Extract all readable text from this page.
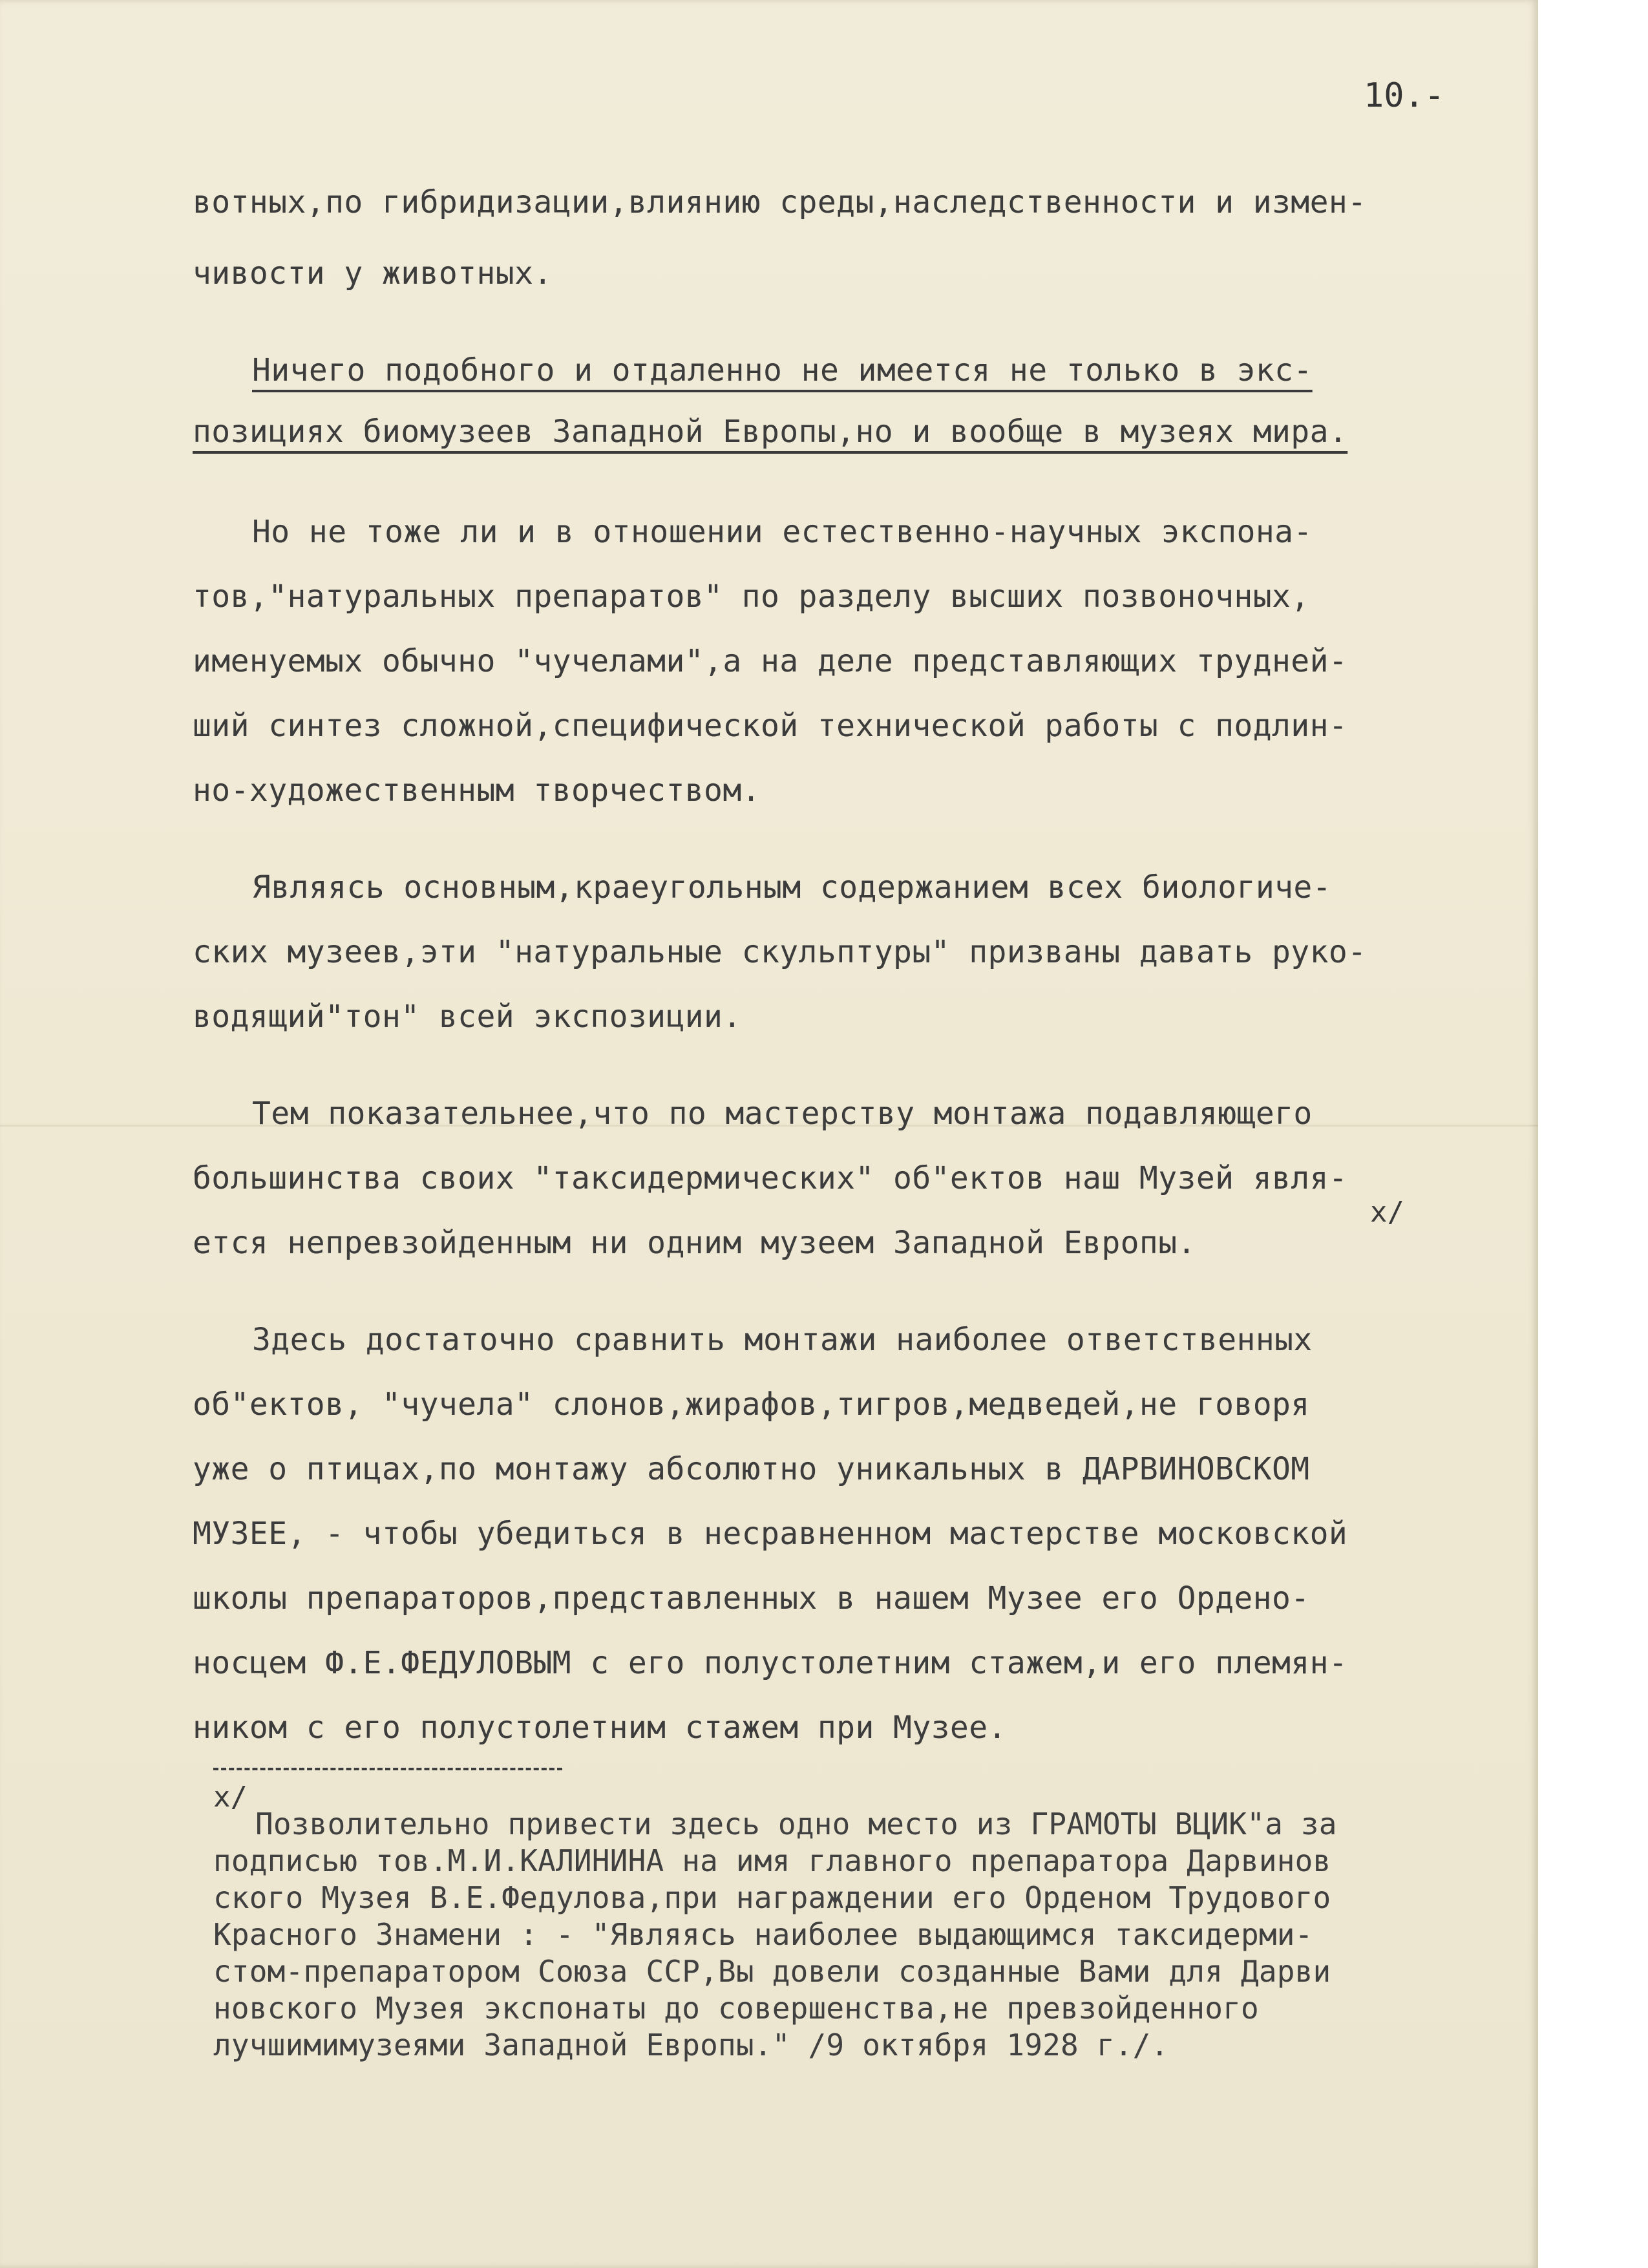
10.-
вотных,по гибридизации,влиянию среды,наследственности и измен-
чивости у животных.
Ничего подобного и отдаленно не имеется не только в экс-
позициях биомузеев Западной Европы,но и вообще в музеях мира.
Но не тоже ли и в отношении естественно-научных экспона-
тов,"натуральных препаратов" по разделу высших позвоночных,
именуемых обычно "чучелами",а на деле представляющих трудней-
ший синтез сложной,специфической технической работы с подлин-
но-художественным творчеством.
Являясь основным,краеугольным содержанием всех биологиче-
ских музеев,эти "натуральные скульптуры" призваны давать руко-
водящий"тон" всей экспозиции.
Тем показательнее,что по мастерству монтажа подавляющего
большинства своих "таксидермических" об"ектов наш Музей явля-
x/
ется непревзойденным ни одним музеем Западной Европы.
Здесь достаточно сравнить монтажи наиболее ответственных
об"ектов, "чучела" слонов,жирафов,тигров,медведей,не говоря
уже о птицах,по монтажу абсолютно уникальных в ДАРВИНОВСКОМ
МУЗЕЕ, - чтобы убедиться в несравненном мастерстве московской
школы препараторов,представленных в нашем Музее его Ордено-
носцем Ф.Е.ФЕДУЛОВЫМ с его полустолетним стажем,и его племян-
ником с его полустолетним стажем при Музее.
x/
Позволительно привести здесь одно место из ГРАМОТЫ ВЦИК"а за
подписью тов.М.И.КАЛИНИНА на имя главного препаратора Дарвинов
ского Музея В.Е.Федулова,при награждении его Орденом Трудового
Красного Знамени : - "Являясь наиболее выдающимся таксидерми-
стом-препаратором Союза ССР,Вы довели созданные Вами для Дарви
новского Музея экспонаты до совершенства,не превзойденного
лучшимимузеями Западной Европы." /9 октября 1928 г./.
